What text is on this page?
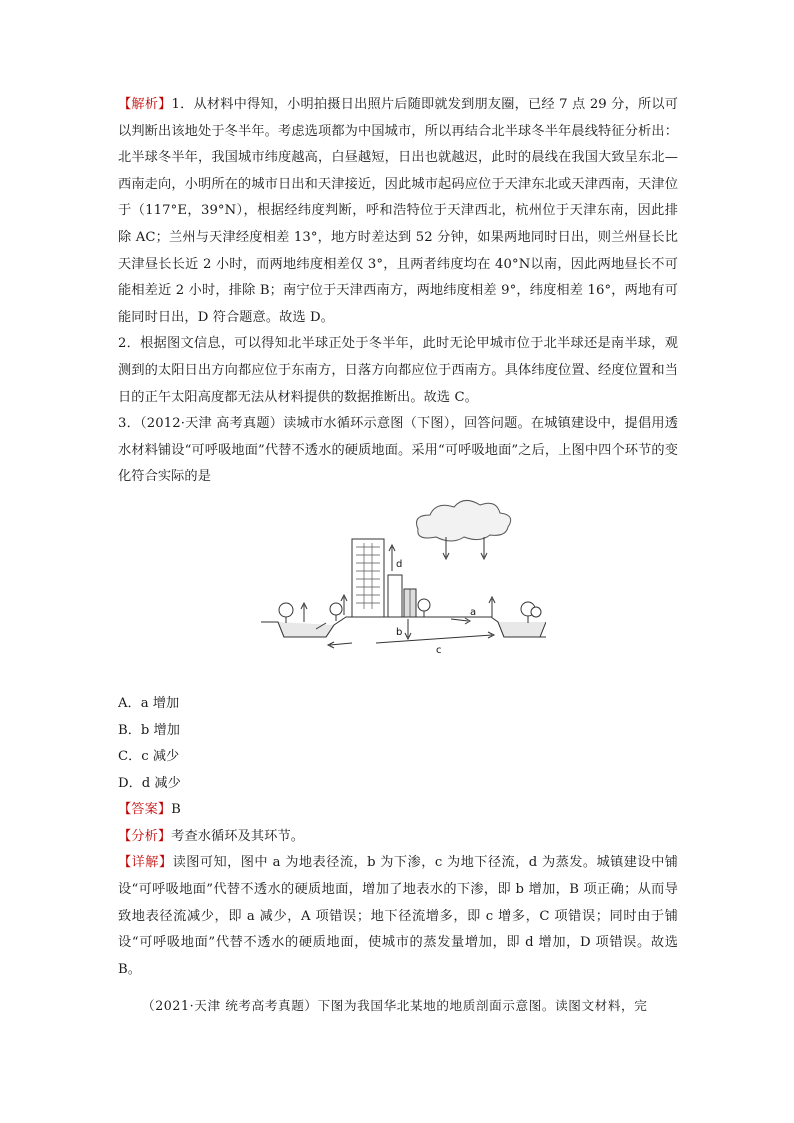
【解析】1．从材料中得知，小明拍摄日出照片后随即就发到朋友圈，已经 7 点 29 分，所以可以判断出该地处于冬半年。考虑选项都为中国城市，所以再结合北半球冬半年晨线特征分析出：北半球冬半年，我国城市纬度越高，白昼越短，日出也就越迟，此时的晨线在我国大致呈东北—西南走向，小明所在的城市日出和天津接近，因此城市起码应位于天津东北或天津西南，天津位于（117°E，39°N），根据经纬度判断，呼和浩特位于天津西北，杭州位于天津东南，因此排除 AC；兰州与天津经度相差 13°，地方时差达到 52 分钟，如果两地同时日出，则兰州昼长比天津昼长长近 2 小时，而两地纬度相差仅 3°，且两者纬度均在 40°N以南，因此两地昼长不可能相差近 2 小时，排除 B；南宁位于天津西南方，两地纬度相差 9°，纬度相差 16°，两地有可能同时日出，D 符合题意。故选 D。

2．根据图文信息，可以得知北半球正处于冬半年，此时无论甲城市位于北半球还是南半球，观测到的太阳日出方向都应位于东南方，日落方向都应位于西南方。具体纬度位置、经度位置和当日的正午太阳高度都无法从材料提供的数据推断出。故选 C。

3．（2012·天津 高考真题）读城市水循环示意图（下图），回答问题。在城镇建设中，提倡用透水材料铺设“可呼吸地面”代替不透水的硬质地面。采用“可呼吸地面”之后，上图中四个环节的变化符合实际的是

d
a
b
c

A．a 增加

B．b 增加

C．c 减少

D．d 减少

【答案】B

【分析】考查水循环及其环节。

【详解】读图可知，图中 a 为地表径流，b 为下渗，c 为地下径流，d 为蒸发。城镇建设中铺设“可呼吸地面”代替不透水的硬质地面，增加了地表水的下渗，即 b 增加，B 项正确；从而导致地表径流减少，即 a 减少，A 项错误；地下径流增多，即 c 增多，C 项错误；同时由于铺设“可呼吸地面”代替不透水的硬质地面，使城市的蒸发量增加，即 d 增加，D 项错误。故选 B。

（2021·天津 统考高考真题）下图为我国华北某地的地质剖面示意图。读图文材料，完
